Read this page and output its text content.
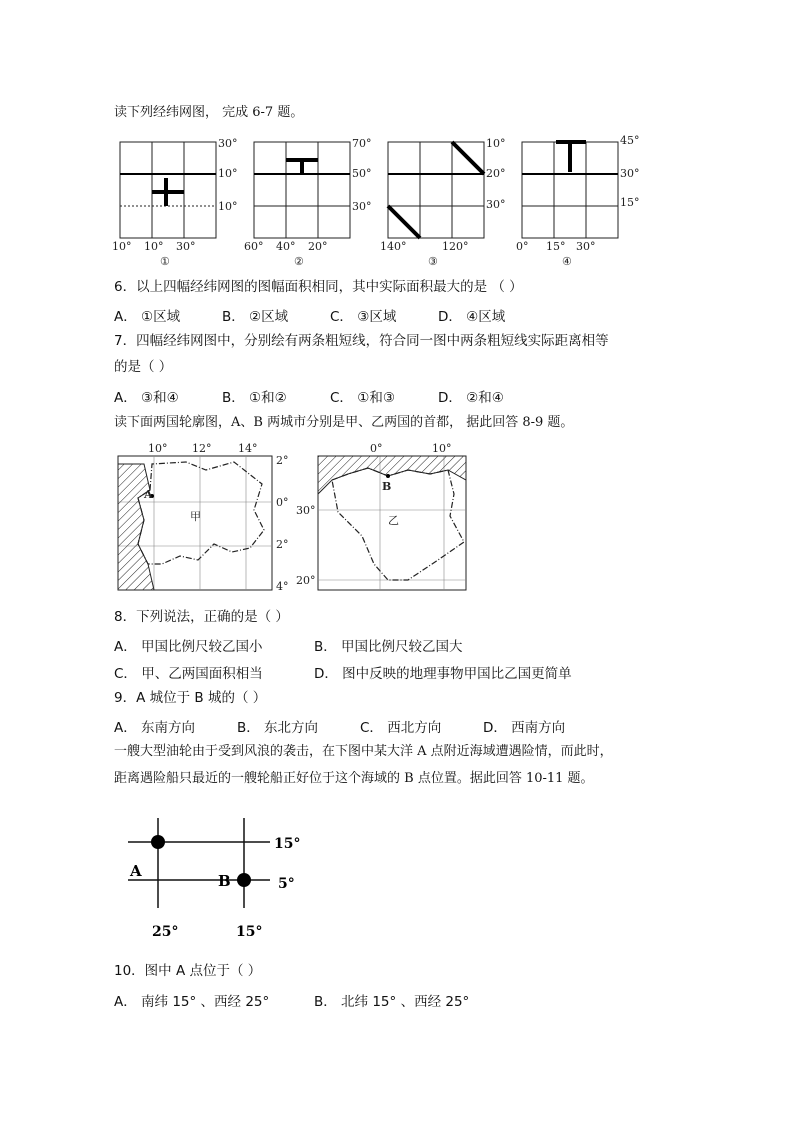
读下列经纬网图， 完成 6-7 题。
30°
10°
10°
10° 10° 30°
①
70°
50°
30°
60° 40° 20°
②
10°
20°
30°
140°	120°
③
45°
30°
15°
0° 15° 30°
④
6．以上四幅经纬网图的图幅面积相同，其中实际面积最大的是 （ ）
A． ①区域	B． ②区域	C． ③区域	D． ④区域
7．四幅经纬网图中，分别绘有两条粗短线，符合同一图中两条粗短线实际距离相等
的是（ ）
A． ③和④	B． ①和②	C． ①和③	D． ②和④
读下面两国轮廓图，A、B 两城市分别是甲、乙两国的首都， 据此回答 8-9 题。
A
甲
10° 12° 14°
2°
0°
2°
4°
B
乙
0°	10°
30°
20°
8．下列说法，正确的是（ ）
A． 甲国比例尺较乙国小	B． 甲国比例尺较乙国大
C． 甲、乙两国面积相当	D． 图中反映的地理事物甲国比乙国更简单
9．A 城位于 B 城的（ ）
A． 东南方向	B． 东北方向	C． 西北方向	D． 西南方向
一艘大型油轮由于受到风浪的袭击，在下图中某大洋 A 点附近海域遭遇险情，而此时，
距离遇险船只最近的一艘轮船正好位于这个海域的 B 点位置。据此回答 10-11 题。
A
B
15°
5°
25°	15°
10．图中 A 点位于（ ）
A． 南纬 15° 、西经 25°	B． 北纬 15° 、西经 25°
